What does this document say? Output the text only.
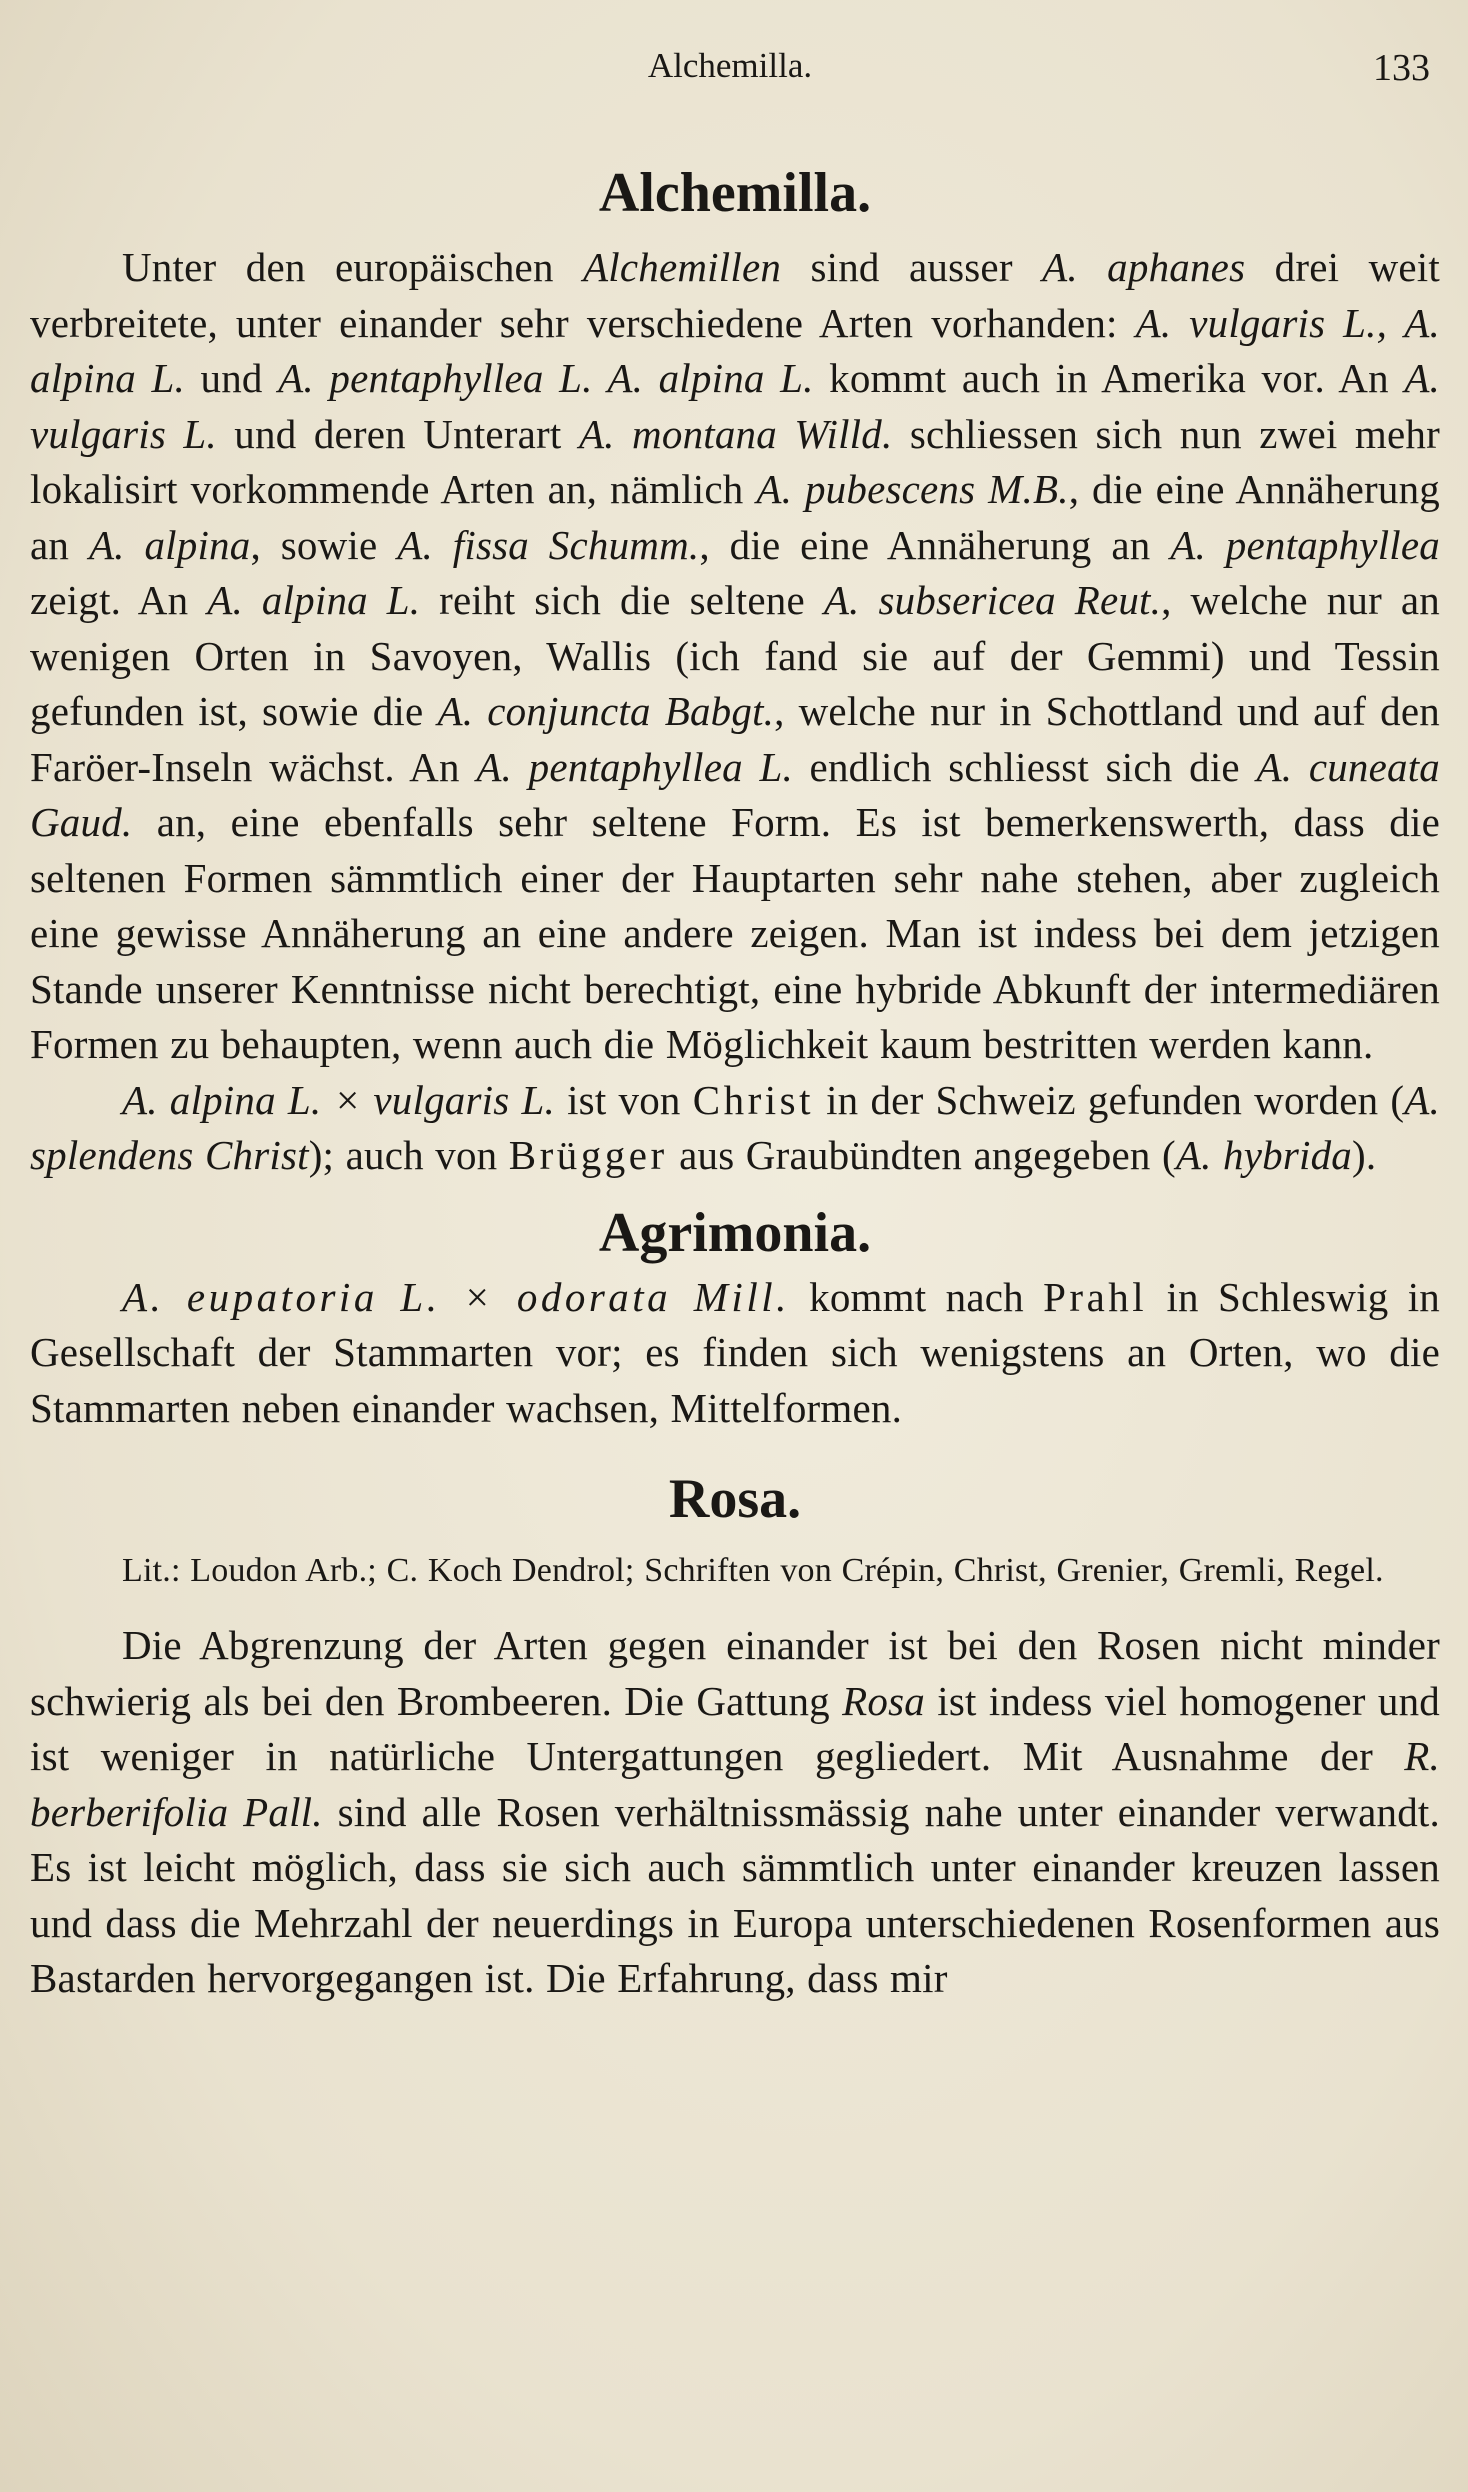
Alchemilla.	133
Alchemilla.

Unter den europäischen Alchemillen sind ausser A. aphanes drei weit verbreitete, unter einander sehr verschiedene Arten vorhanden: A. vulgaris L., A. alpina L. und A. pentaphyllea L. A. alpina L. kommt auch in Amerika vor. An A. vulgaris L. und deren Unterart A. montana Willd. schliessen sich nun zwei mehr lokalisirt vorkommende Arten an, nämlich A. pubescens M.B., die eine Annäherung an A. alpina, sowie A. fissa Schumm., die eine Annäherung an A. pentaphyllea zeigt. An A. alpina L. reiht sich die seltene A. subsericea Reut., welche nur an wenigen Orten in Savoyen, Wallis (ich fand sie auf der Gemmi) und Tessin gefunden ist, sowie die A. conjuncta Babgt., welche nur in Schottland und auf den Faröer-Inseln wächst. An A. pentaphyllea L. endlich schliesst sich die A. cuneata Gaud. an, eine ebenfalls sehr seltene Form. Es ist bemerkenswerth, dass die seltenen Formen sämmtlich einer der Hauptarten sehr nahe stehen, aber zugleich eine gewisse Annäherung an eine andere zeigen. Man ist indess bei dem jetzigen Stande unserer Kenntnisse nicht berechtigt, eine hybride Abkunft der intermediären Formen zu behaupten, wenn auch die Möglichkeit kaum bestritten werden kann.

A. alpina L. × vulgaris L. ist von Christ in der Schweiz gefunden worden (A. splendens Christ); auch von Brügger aus Graubündten angegeben (A. hybrida).

Agrimonia.

A. eupatoria L. × odorata Mill. kommt nach Prahl in Schleswig in Gesellschaft der Stammarten vor; es finden sich wenigstens an Orten, wo die Stammarten neben einander wachsen, Mittelformen.

Rosa.

Lit.: Loudon Arb.; C. Koch Dendrol; Schriften von Crépin, Christ, Grenier, Gremli, Regel.

Die Abgrenzung der Arten gegen einander ist bei den Rosen nicht minder schwierig als bei den Brombeeren. Die Gattung Rosa ist indess viel homogener und ist weniger in natürliche Untergattungen gegliedert. Mit Ausnahme der R. berberifolia Pall. sind alle Rosen verhältnissmässig nahe unter einander verwandt. Es ist leicht möglich, dass sie sich auch sämmtlich unter einander kreuzen lassen und dass die Mehrzahl der neuerdings in Europa unterschiedenen Rosenformen aus Bastarden hervorgegangen ist. Die Erfahrung, dass mir
